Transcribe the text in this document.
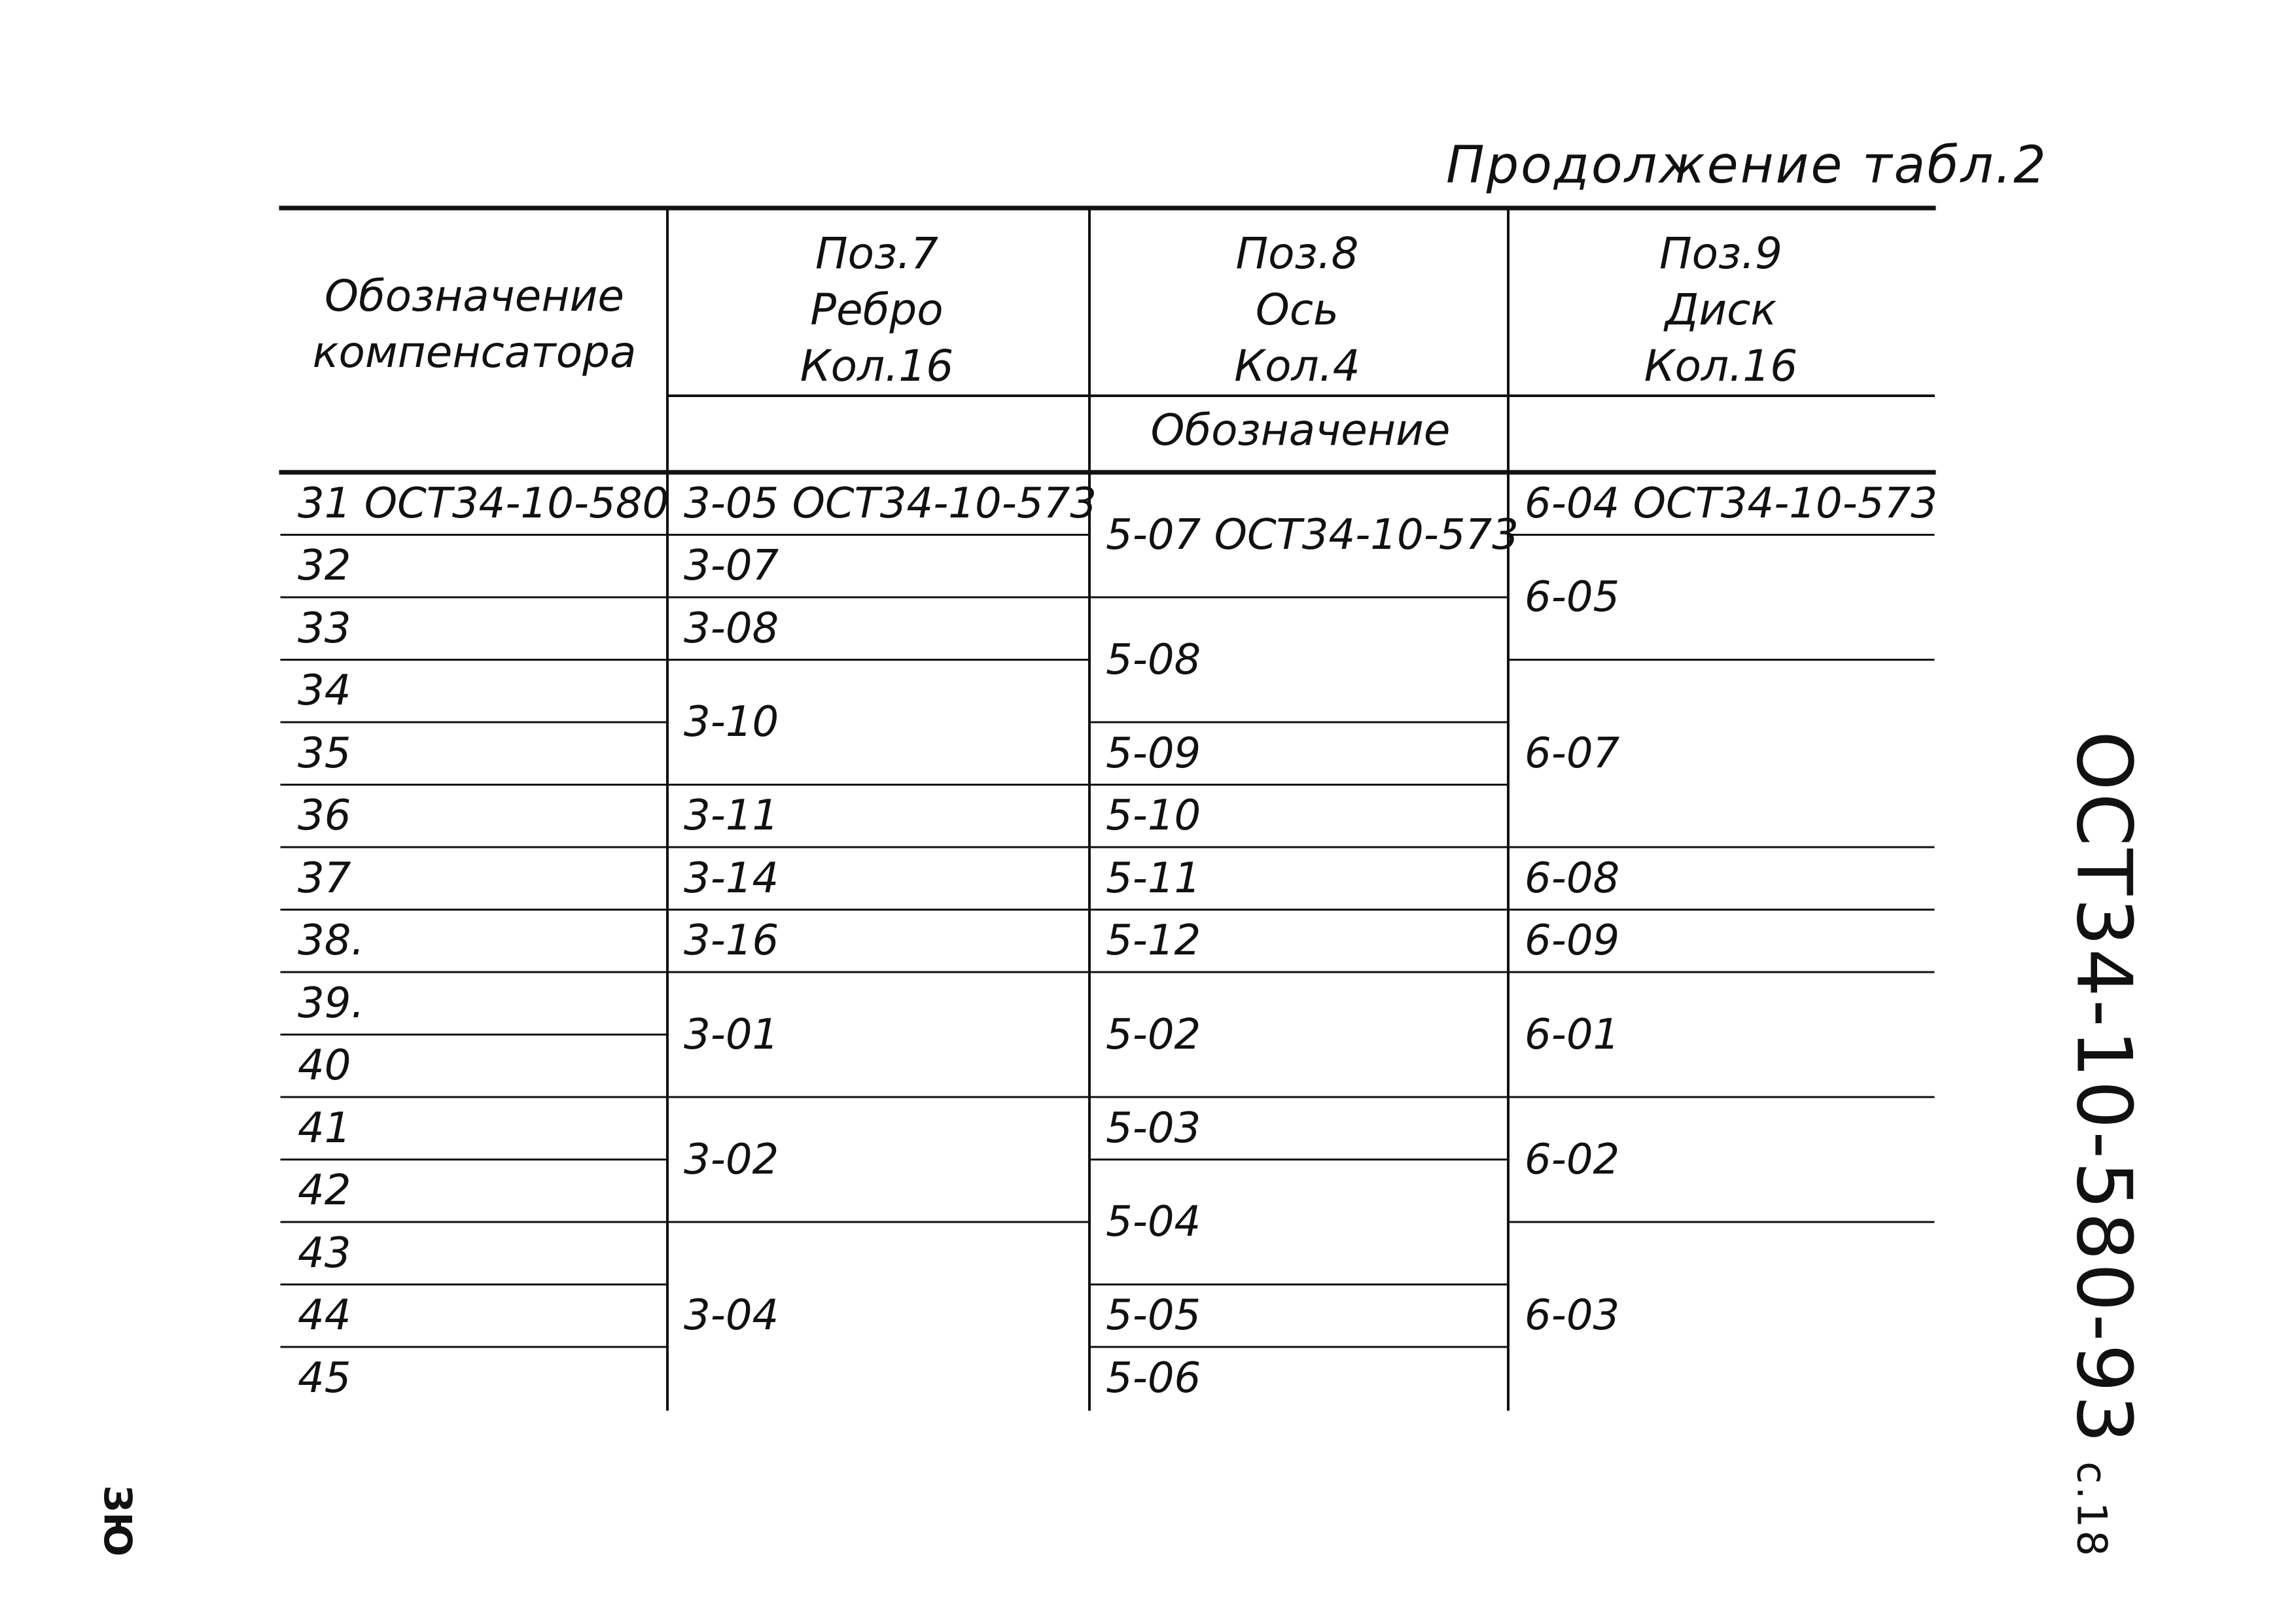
Продолжение табл.2
Обозначение
компенсатора
Поз.7
Ребро
Кол.16
Поз.8
Ось
Кол.4
Поз.9
Диск
Кол.16
Обозначение
31 ОСТ34-10-580
32
33
34
35
36
37
38.
39.
40
41
42
43
44
45
3-05 ОСТ34-10-573
3-07
3-08
3-10
3-11
3-14
3-16
3-01
3-02
3-04
5-07 ОСТ34-10-573
5-08
5-09
5-10
5-11
5-12
5-02
5-03
5-04
5-05
5-06
6-04 ОСТ34-10-573
6-05
6-07
6-08
6-09
6-01
6-02
6-03	ОСТ34-10-580-93с.18
ЗЮ
